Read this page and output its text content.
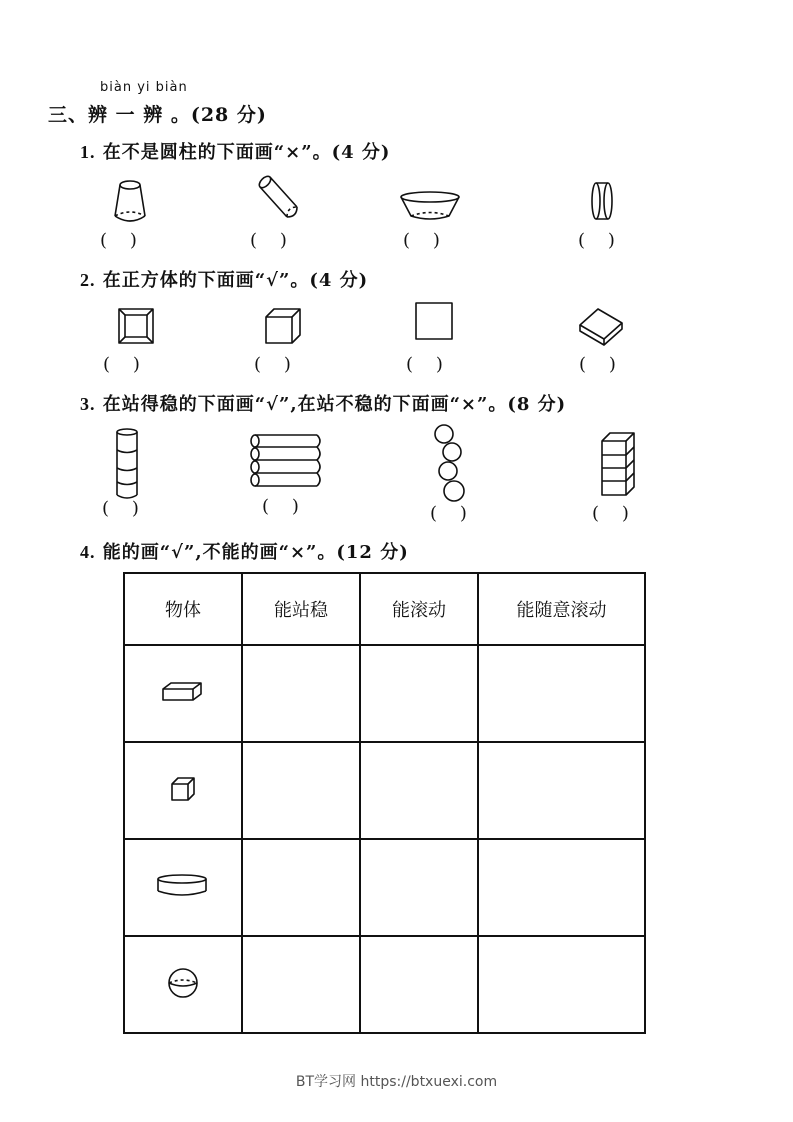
biàn yi biàn
三、辨 一 辨 。(28 分)
1. 在不是圆柱的下面画“×”。(4 分)
(    )	(    )	(    )	(    )
2. 在正方体的下面画“√”。(4 分)
(    )	(    )	(    )	(    )
3. 在站得稳的下面画“√”,在站不稳的下面画“×”。(8 分)
(    )	(    )	(    )	(    )
4. 能的画“√”,不能的画“×”。(12 分)
物体	能站稳	能滚动	能随意滚动

BT学习网 https://btxuexi.com
